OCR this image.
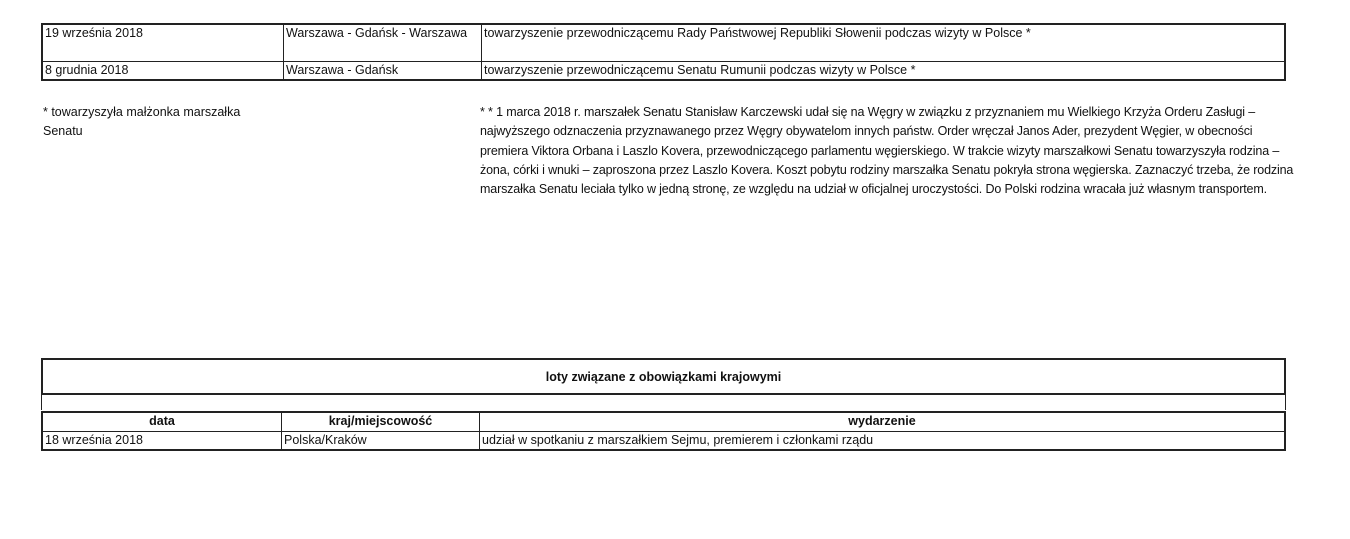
19 września 2018	Warszawa - Gdańsk - Warszawa	towarzyszenie przewodniczącemu Rady Państwowej Republiki Słowenii podczas wizyty w Polsce *
8 grudnia 2018	Warszawa - Gdańsk	towarzyszenie przewodniczącemu Senatu Rumunii podczas wizyty w Polsce *
* towarzyszyła małżonka marszałka Senatu
* * 1 marca 2018 r. marszałek Senatu Stanisław Karczewski udał się na Węgry w związku z przyznaniem mu Wielkiego Krzyża Orderu Zasługi – najwyższego odznaczenia przyznawanego przez Węgry obywatelom innych państw. Order wręczał Janos Ader, prezydent Węgier, w obecności premiera Viktora Orbana i Laszlo Kovera, przewodniczącego parlamentu węgierskiego. W trakcie wizyty marszałkowi Senatu towarzyszyła rodzina – żona, córki i wnuki – zaproszona przez Laszlo Kovera. Koszt pobytu rodziny marszałka Senatu pokryła strona węgierska. Zaznaczyć trzeba, że rodzina marszałka Senatu leciała tylko w jedną stronę, ze względu na udział w oficjalnej uroczystości. Do Polski rodzina wracała już własnym transportem.
loty związane z obowiązkami krajowymi
data	kraj/miejscowość	wydarzenie
18 września 2018	Polska/Kraków	udział w spotkaniu z marszałkiem Sejmu, premierem i członkami rządu
